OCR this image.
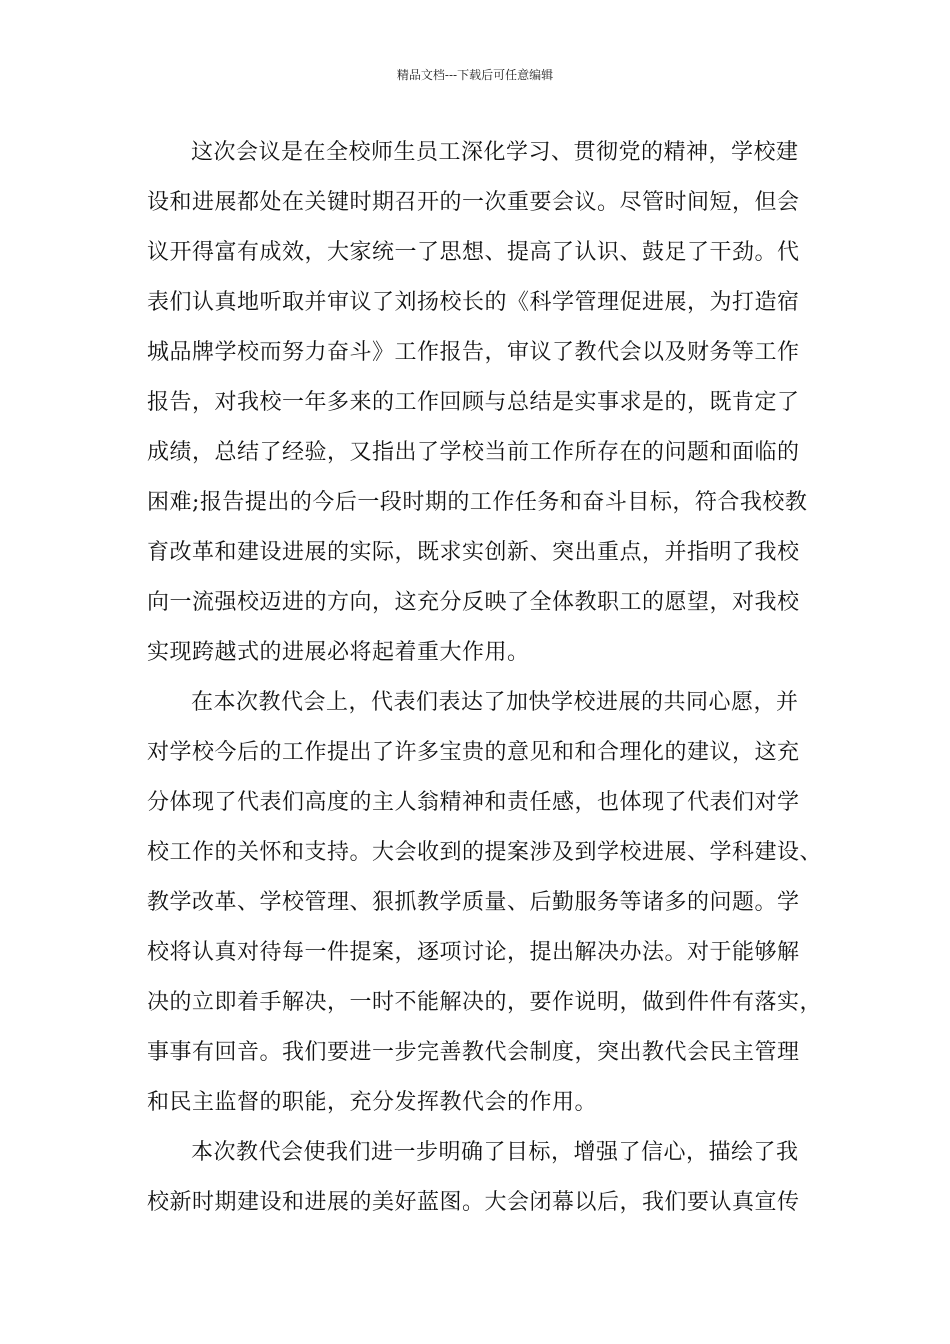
精品文档---下载后可任意编辑
这次会议是在全校师生员工深化学习、贯彻党的精神，学校建
设和进展都处在关键时期召开的一次重要会议。尽管时间短，但会
议开得富有成效，大家统一了思想、提高了认识、鼓足了干劲。代
表们认真地听取并审议了刘扬校长的《科学管理促进展，为打造宿
城品牌学校而努力奋斗》工作报告，审议了教代会以及财务等工作
报告，对我校一年多来的工作回顾与总结是实事求是的，既肯定了
成绩，总结了经验，又指出了学校当前工作所存在的问题和面临的
困难;报告提出的今后一段时期的工作任务和奋斗目标，符合我校教
育改革和建设进展的实际，既求实创新、突出重点，并指明了我校
向一流强校迈进的方向，这充分反映了全体教职工的愿望，对我校
实现跨越式的进展必将起着重大作用。
在本次教代会上，代表们表达了加快学校进展的共同心愿，并
对学校今后的工作提出了许多宝贵的意见和和合理化的建议，这充
分体现了代表们高度的主人翁精神和责任感，也体现了代表们对学
校工作的关怀和支持。大会收到的提案涉及到学校进展、学科建设、
教学改革、学校管理、狠抓教学质量、后勤服务等诸多的问题。学
校将认真对待每一件提案，逐项讨论，提出解决办法。对于能够解
决的立即着手解决，一时不能解决的，要作说明，做到件件有落实，
事事有回音。我们要进一步完善教代会制度，突出教代会民主管理
和民主监督的职能，充分发挥教代会的作用。
本次教代会使我们进一步明确了目标，增强了信心，描绘了我
校新时期建设和进展的美好蓝图。大会闭幕以后，我们要认真宣传
